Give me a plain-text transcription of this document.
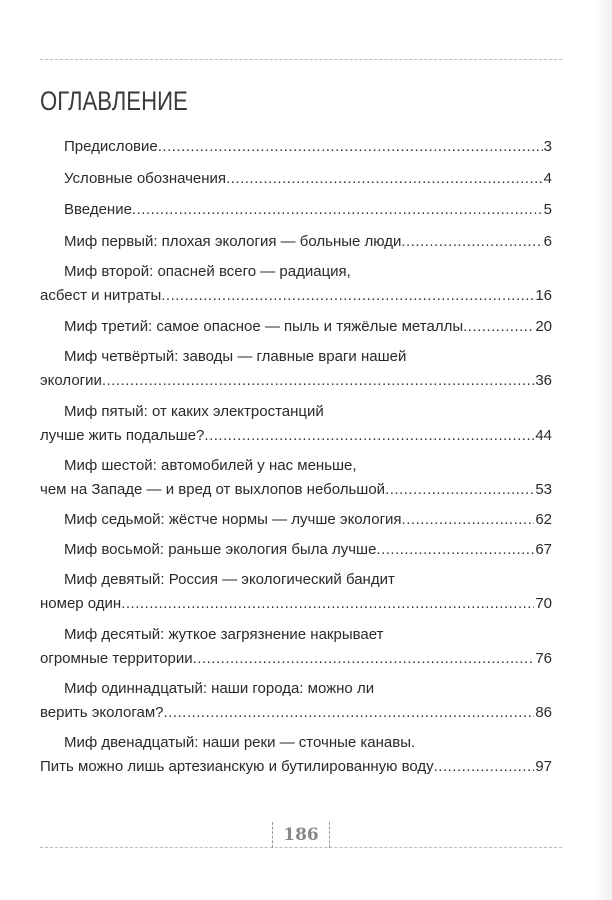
ОГЛАВЛЕНИЕ
Предисловие .....	3
Условные обозначения .....	4
Введение .....	5
Миф первый: плохая экология — больные люди .....	6
Миф второй: опасней всего — радиация,
асбест и нитраты .....	16
Миф третий: самое опасное — пыль и тяжёлые металлы .....	20
Миф четвёртый: заводы — главные враги нашей
экологии .....	36
Миф пятый: от каких электростанций
лучше жить подальше? .....	44
Миф шестой: автомобилей у нас меньше,
чем на Западе — и вред от выхлопов небольшой .....	53
Миф седьмой: жёстче нормы — лучше экология .....	62
Миф восьмой: раньше экология была лучше .....	67
Миф девятый: Россия — экологический бандит
номер один .....	70
Миф десятый: жуткое загрязнение накрывает
огромные территории .....	76
Миф одиннадцатый: наши города: можно ли
верить экологам? .....	86
Миф двенадцатый: наши реки — сточные канавы.
Пить можно лишь артезианскую и бутилированную воду .....	97
186
